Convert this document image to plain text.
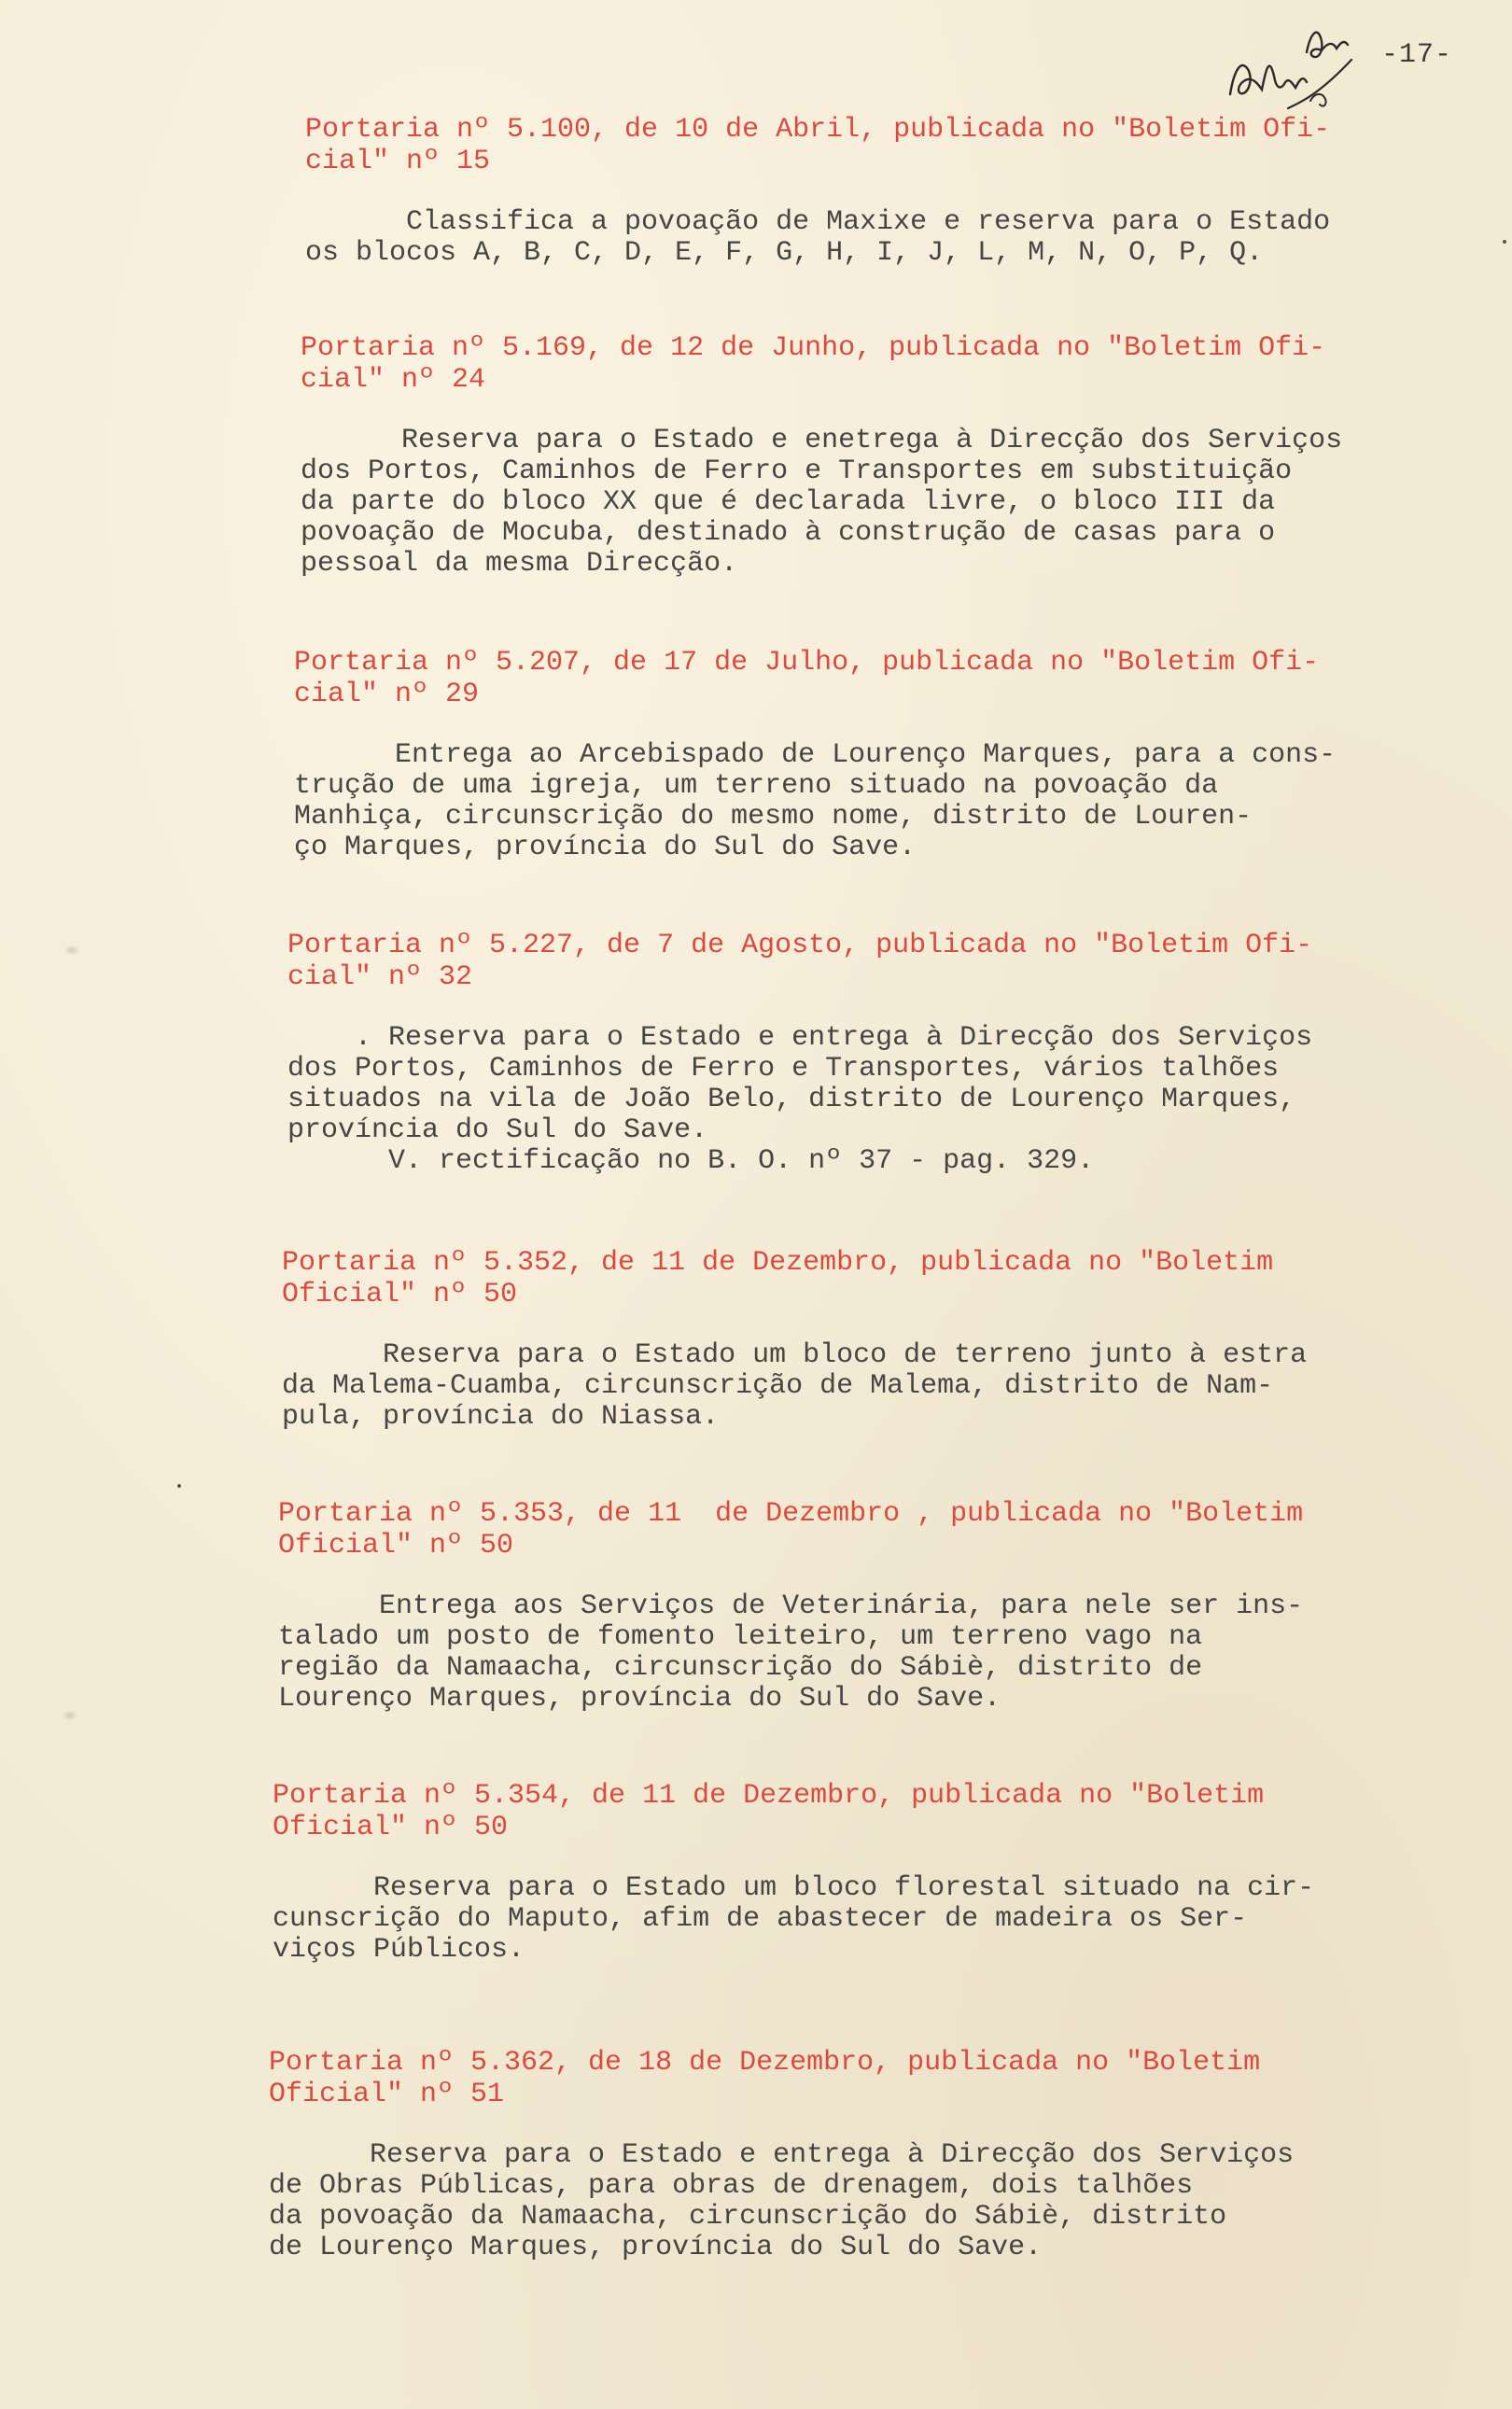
-17-

Portaria nº 5.100, de 10 de Abril, publicada no "Boletim Ofi-
cial" nº 15

Classifica a povoação de Maxixe e reserva para o Estado
os blocos A, B, C, D, E, F, G, H, I, J, L, M, N, O, P, Q.

Portaria nº 5.169, de 12 de Junho, publicada no "Boletim Ofi-
cial" nº 24

Reserva para o Estado e enetrega à Direcção dos Serviços
dos Portos, Caminhos de Ferro e Transportes em substituição
da parte do bloco XX que é declarada livre, o bloco III da
povoação de Mocuba, destinado à construção de casas para o
pessoal da mesma Direcção.

Portaria nº 5.207, de 17 de Julho, publicada no "Boletim Ofi-
cial" nº 29

Entrega ao Arcebispado de Lourenço Marques, para a cons-
trução de uma igreja, um terreno situado na povoação da
Manhiça, circunscrição do mesmo nome, distrito de Louren-
ço Marques, província do Sul do Save.

Portaria nº 5.227, de 7 de Agosto, publicada no "Boletim Ofi-
cial" nº 32

. Reserva para o Estado e entrega à Direcção dos Serviços
dos Portos, Caminhos de Ferro e Transportes, vários talhões
situados na vila de João Belo, distrito de Lourenço Marques,
província do Sul do Save.

V. rectificação no B. O. nº 37 - pag. 329.

Portaria nº 5.352, de 11 de Dezembro, publicada no "Boletim
Oficial" nº 50

Reserva para o Estado um bloco de terreno junto à estra
da Malema-Cuamba, circunscrição de Malema, distrito de Nam-
pula, província do Niassa.

Portaria nº 5.353, de 11  de Dezembro , publicada no "Boletim
Oficial" nº 50

Entrega aos Serviços de Veterinária, para nele ser ins-
talado um posto de fomento leiteiro, um terreno vago na
região da Namaacha, circunscrição do Sábiè, distrito de
Lourenço Marques, província do Sul do Save.

Portaria nº 5.354, de 11 de Dezembro, publicada no "Boletim
Oficial" nº 50

Reserva para o Estado um bloco florestal situado na cir-
cunscrição do Maputo, afim de abastecer de madeira os Ser-
viços Públicos.

Portaria nº 5.362, de 18 de Dezembro, publicada no "Boletim
Oficial" nº 51

Reserva para o Estado e entrega à Direcção dos Serviços
de Obras Públicas, para obras de drenagem, dois talhões
da povoação da Namaacha, circunscrição do Sábiè, distrito
de Lourenço Marques, província do Sul do Save.
